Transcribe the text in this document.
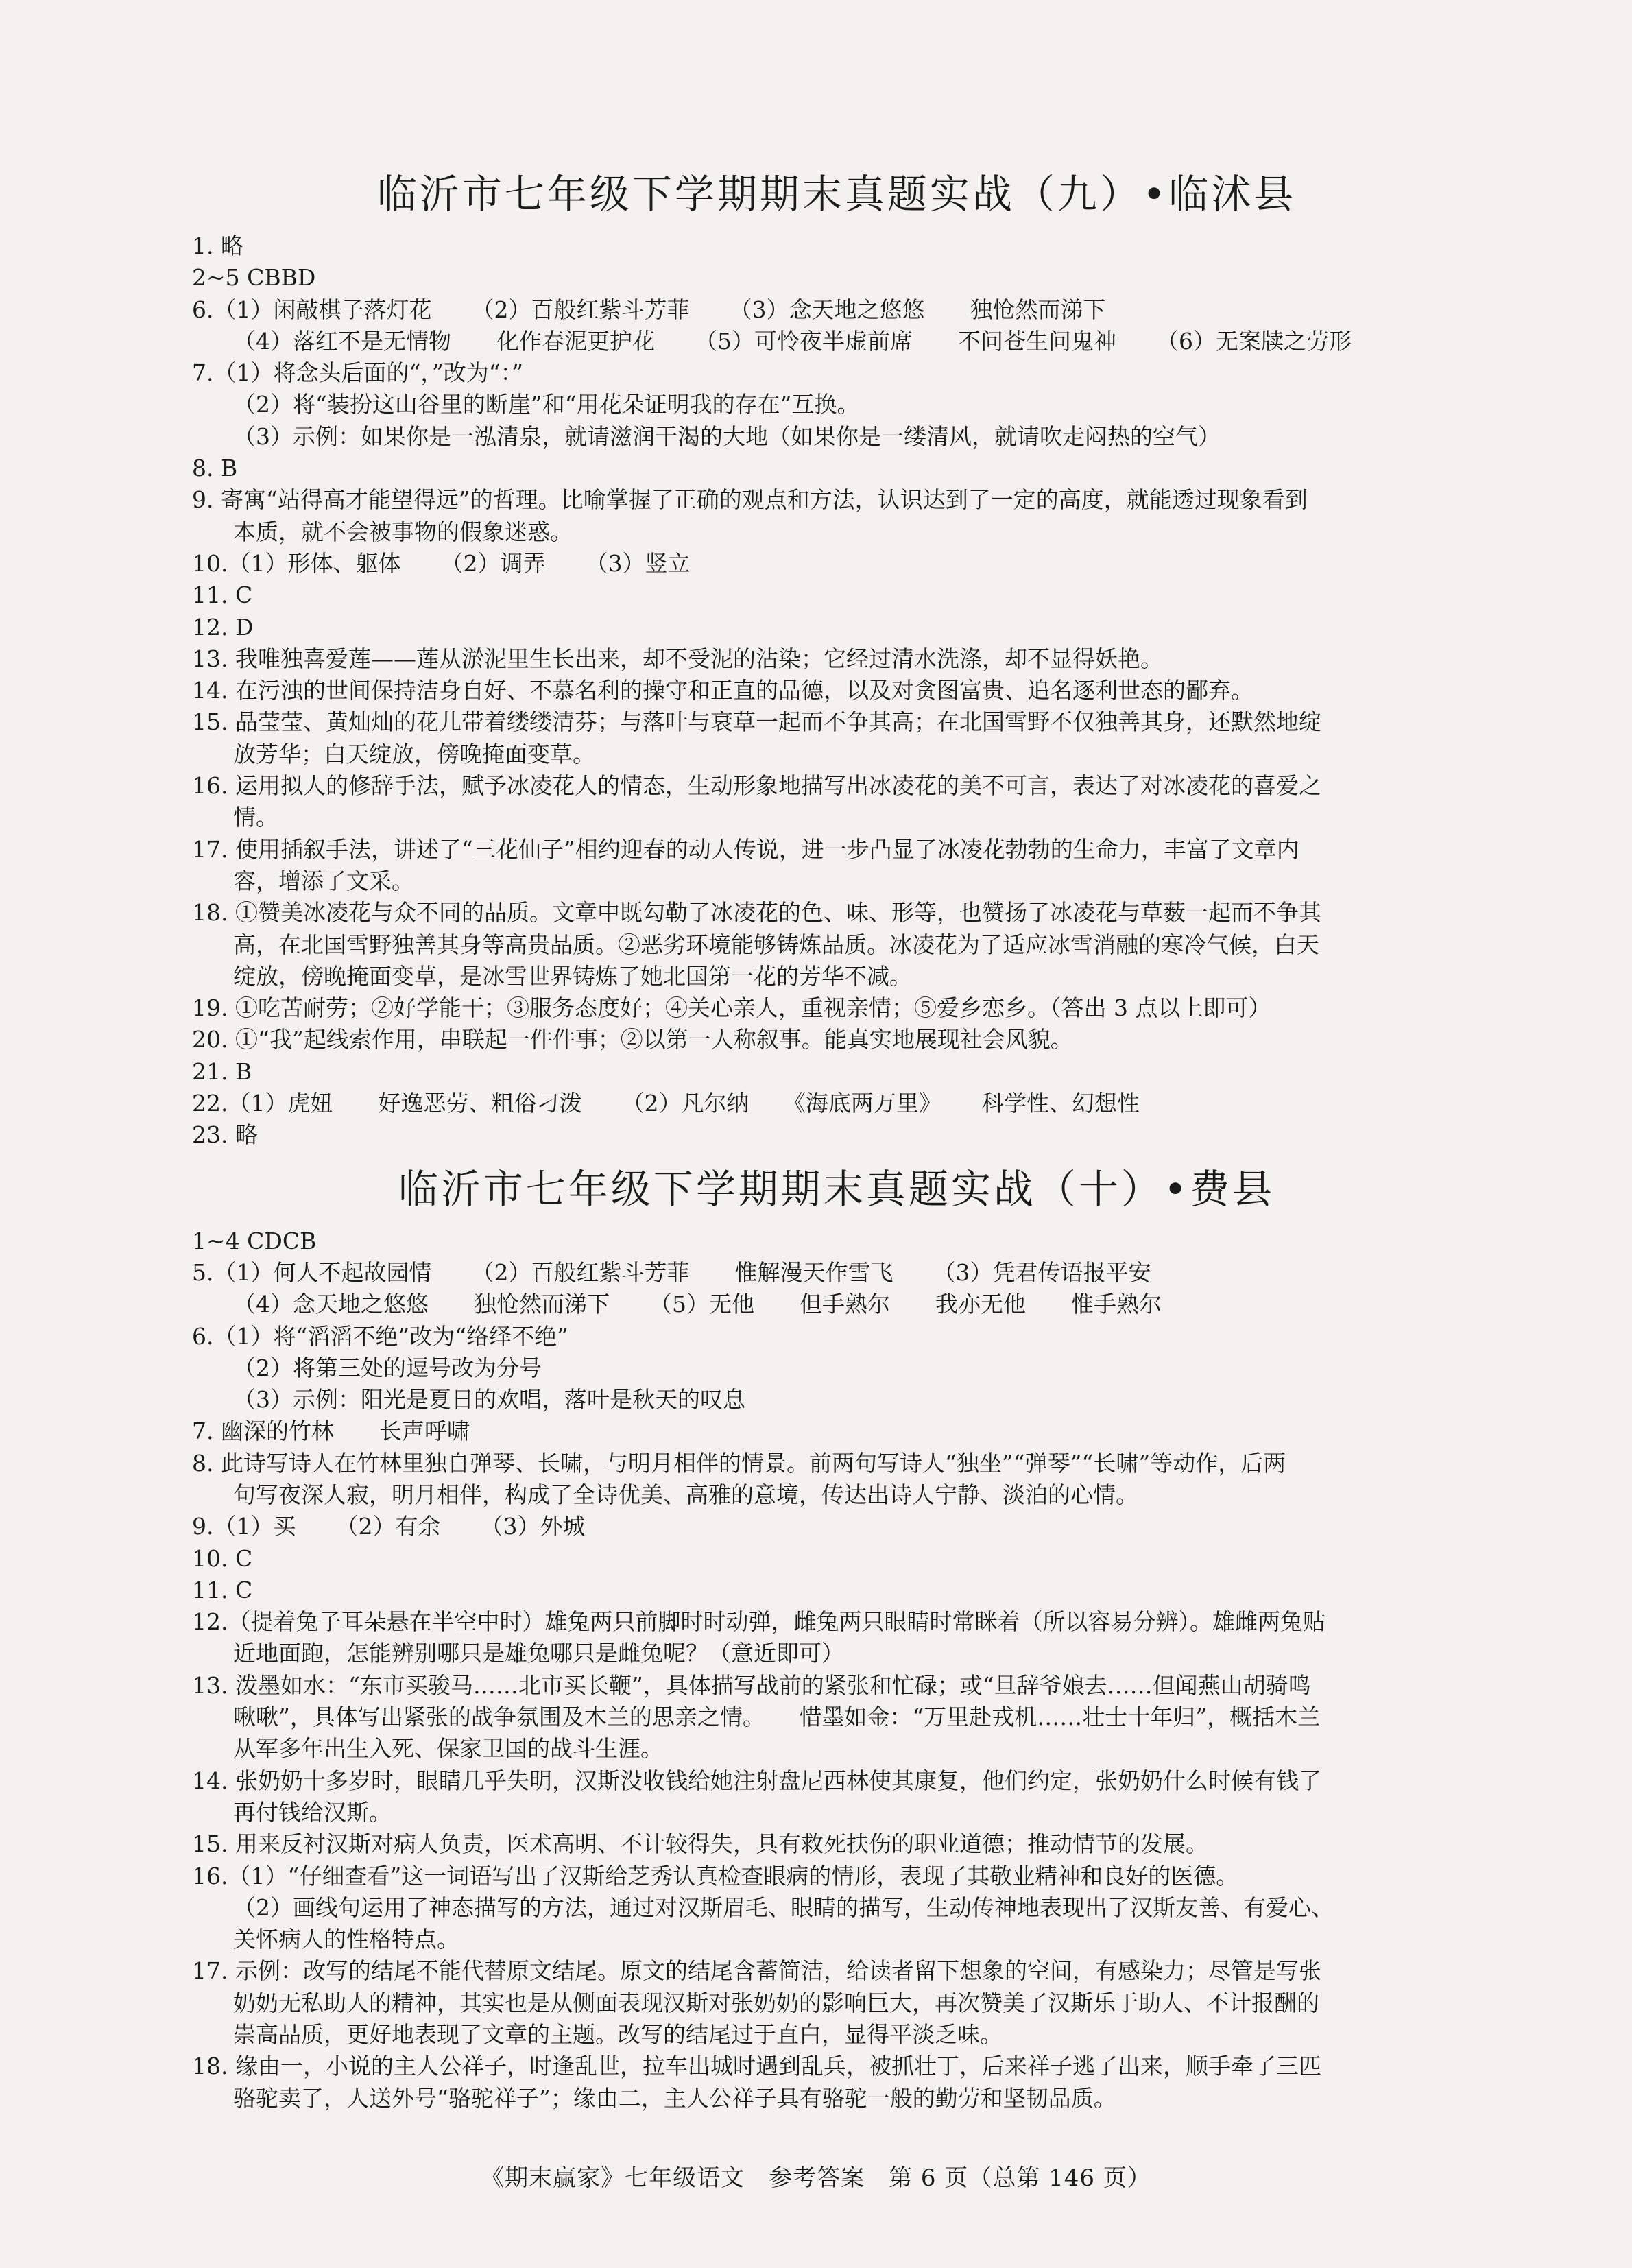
临沂市七年级下学期期末真题实战（九）•临沭县
1. 略
2~5 CBBD
6.（1）闲敲棋子落灯花 （2）百般红紫斗芳菲 （3）念天地之悠悠　　独怆然而涕下
（4）落红不是无情物　　化作春泥更护花 （5）可怜夜半虚前席　　不问苍生问鬼神 （6）无案牍之劳形
7.（1）将念头后面的“，”改为“：”
（2）将“装扮这山谷里的断崖”和“用花朵证明我的存在”互换。
（3）示例：如果你是一泓清泉，就请滋润干渴的大地（如果你是一缕清风，就请吹走闷热的空气）
8. B
9. 寄寓“站得高才能望得远”的哲理。比喻掌握了正确的观点和方法，认识达到了一定的高度，就能透过现象看到
本质，就不会被事物的假象迷惑。
10.（1）形体、躯体 （2）调弄 （3）竖立
11. C
12. D
13. 我唯独喜爱莲——莲从淤泥里生长出来，却不受泥的沾染；它经过清水洗涤，却不显得妖艳。
14. 在污浊的世间保持洁身自好、不慕名利的操守和正直的品德，以及对贪图富贵、追名逐利世态的鄙弃。
15. 晶莹莹、黄灿灿的花儿带着缕缕清芬；与落叶与衰草一起而不争其高；在北国雪野不仅独善其身，还默然地绽
放芳华；白天绽放，傍晚掩面变草。
16. 运用拟人的修辞手法，赋予冰凌花人的情态，生动形象地描写出冰凌花的美不可言，表达了对冰凌花的喜爱之
情。
17. 使用插叙手法，讲述了“三花仙子”相约迎春的动人传说，进一步凸显了冰凌花勃勃的生命力，丰富了文章内
容，增添了文采。
18. ①赞美冰凌花与众不同的品质。文章中既勾勒了冰凌花的色、味、形等，也赞扬了冰凌花与草薮一起而不争其
高，在北国雪野独善其身等高贵品质。②恶劣环境能够铸炼品质。冰凌花为了适应冰雪消融的寒冷气候，白天
绽放，傍晚掩面变草，是冰雪世界铸炼了她北国第一花的芳华不减。
19. ①吃苦耐劳；②好学能干；③服务态度好；④关心亲人，重视亲情；⑤爱乡恋乡。（答出 3 点以上即可）
20. ①“我”起线索作用，串联起一件件事；②以第一人称叙事。能真实地展现社会风貌。
21. B
22.（1）虎妞　　好逸恶劳、粗俗刁泼 （2）凡尔纳　　《海底两万里》 科学性、幻想性
23. 略
临沂市七年级下学期期末真题实战（十）•费县
1~4 CDCB
5.（1）何人不起故园情 （2）百般红紫斗芳菲　　惟解漫天作雪飞 （3）凭君传语报平安
（4）念天地之悠悠　　独怆然而涕下 （5）无他　　但手熟尔　　我亦无他　　惟手熟尔
6.（1）将“滔滔不绝”改为“络绎不绝”
（2）将第三处的逗号改为分号
（3）示例：阳光是夏日的欢唱，落叶是秋天的叹息
7. 幽深的竹林　　长声呼啸
8. 此诗写诗人在竹林里独自弹琴、长啸，与明月相伴的情景。前两句写诗人“独坐”“弹琴”“长啸”等动作，后两
句写夜深人寂，明月相伴，构成了全诗优美、高雅的意境，传达出诗人宁静、淡泊的心情。
9.（1）买 （2）有余 （3）外城
10. C
11. C
12.（提着兔子耳朵悬在半空中时）雄兔两只前脚时时动弹，雌兔两只眼睛时常眯着（所以容易分辨）。雄雌两兔贴
近地面跑，怎能辨别哪只是雄兔哪只是雌兔呢？（意近即可）
13. 泼墨如水：“东市买骏马……北市买长鞭”，具体描写战前的紧张和忙碌；或“旦辞爷娘去……但闻燕山胡骑鸣
啾啾”，具体写出紧张的战争氛围及木兰的思亲之情。　　惜墨如金：“万里赴戎机……壮士十年归”，概括木兰
从军多年出生入死、保家卫国的战斗生涯。
14. 张奶奶十多岁时，眼睛几乎失明，汉斯没收钱给她注射盘尼西林使其康复，他们约定，张奶奶什么时候有钱了
再付钱给汉斯。
15. 用来反衬汉斯对病人负责，医术高明、不计较得失，具有救死扶伤的职业道德；推动情节的发展。
16.（1）“仔细查看”这一词语写出了汉斯给芝秀认真检查眼病的情形，表现了其敬业精神和良好的医德。
（2）画线句运用了神态描写的方法，通过对汉斯眉毛、眼睛的描写，生动传神地表现出了汉斯友善、有爱心、
关怀病人的性格特点。
17. 示例：改写的结尾不能代替原文结尾。原文的结尾含蓄简洁，给读者留下想象的空间，有感染力；尽管是写张
奶奶无私助人的精神，其实也是从侧面表现汉斯对张奶奶的影响巨大，再次赞美了汉斯乐于助人、不计报酬的
崇高品质，更好地表现了文章的主题。改写的结尾过于直白，显得平淡乏味。
18. 缘由一，小说的主人公祥子，时逢乱世，拉车出城时遇到乱兵，被抓壮丁，后来祥子逃了出来，顺手牵了三匹
骆驼卖了，人送外号“骆驼祥子”；缘由二，主人公祥子具有骆驼一般的勤劳和坚韧品质。
《期末赢家》七年级语文　参考答案　第 6 页（总第 146 页）
